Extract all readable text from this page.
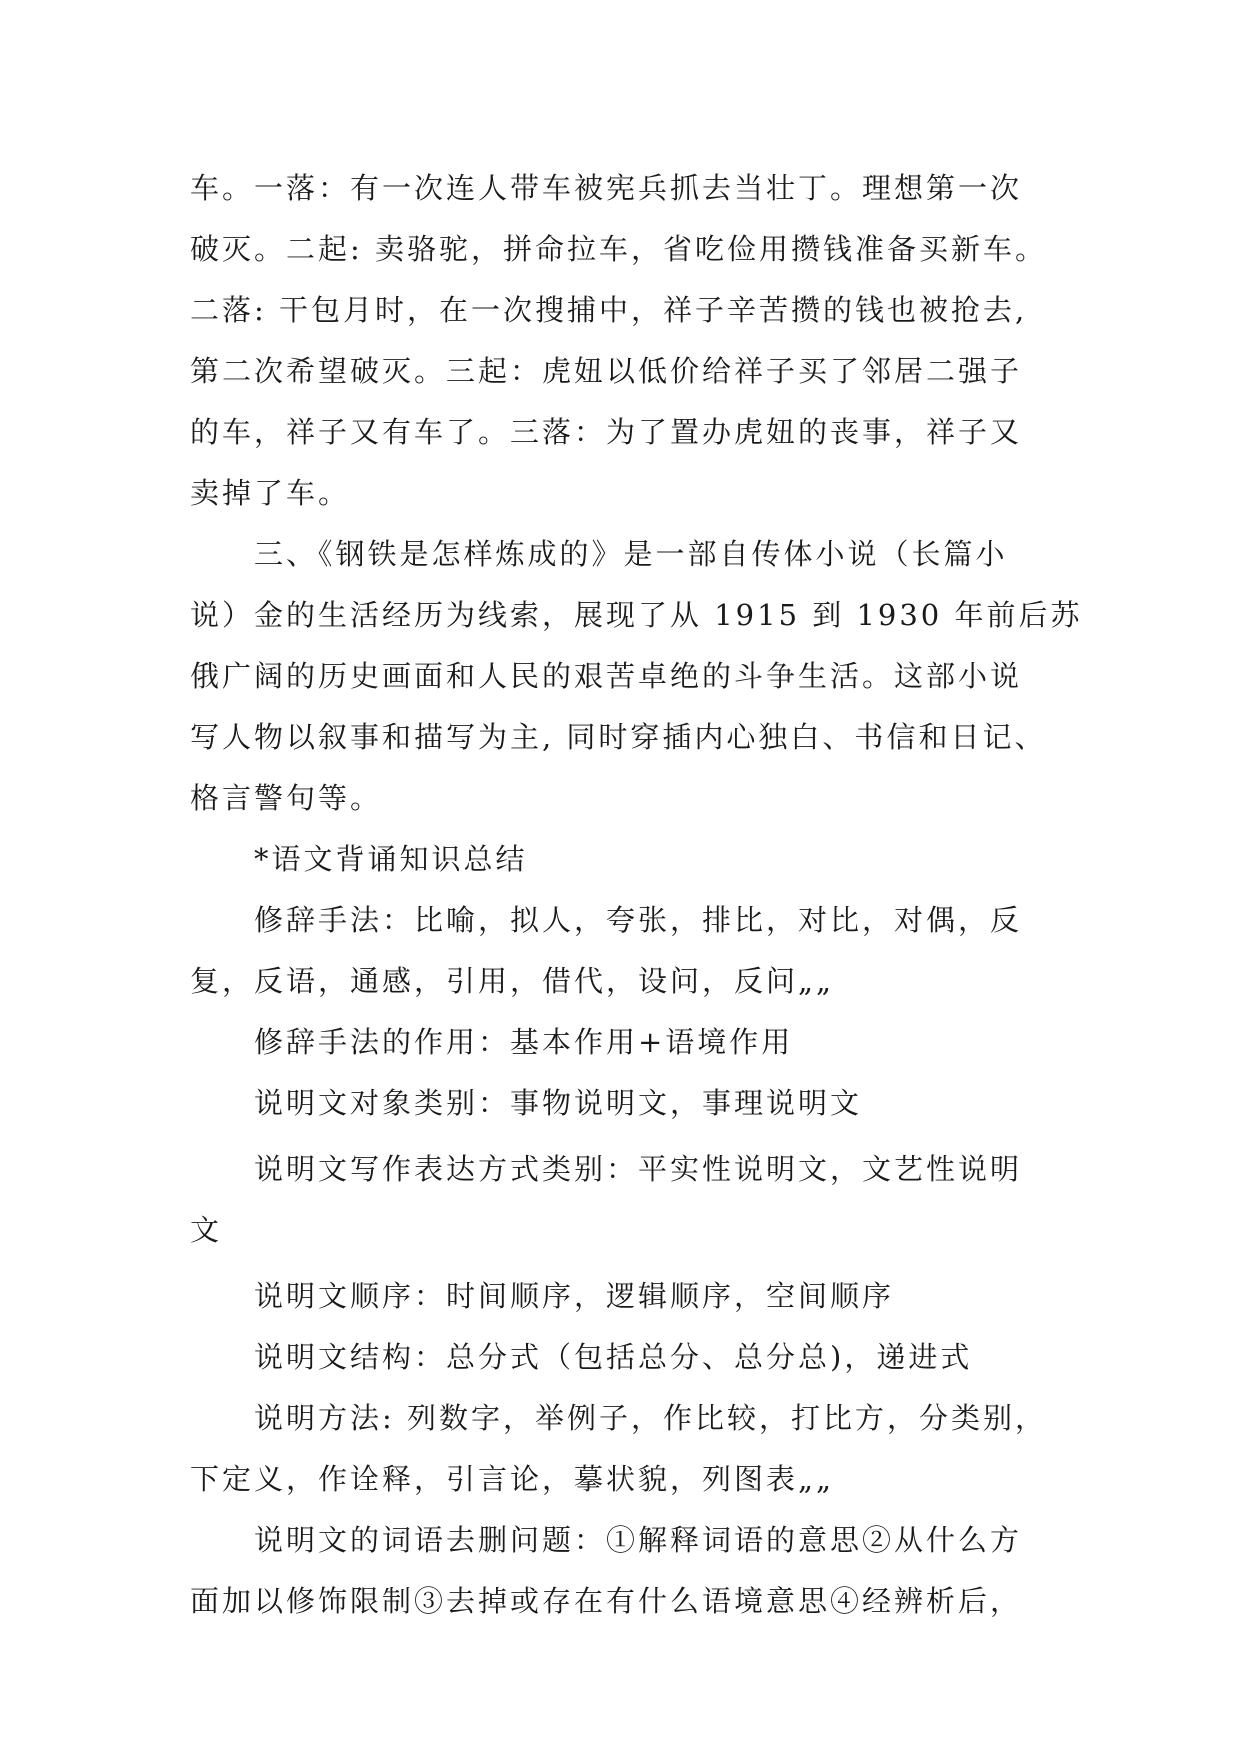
车。一落：有一次连人带车被宪兵抓去当壮丁。理想第一次
破灭。二起: 卖骆驼，拼命拉车，省吃俭用攒钱准备买新车。
二落: 干包月时，在一次搜捕中，祥子辛苦攒的钱也被抢去,
第二次希望破灭。三起：虎妞以低价给祥子买了邻居二强子
的车，祥子又有车了。三落：为了置办虎妞的丧事，祥子又
卖掉了车。

三、《钢铁是怎样炼成的》是一部自传体小说（长篇小
说）金的生活经历为线索，展现了从 1915 到 1930 年前后苏
俄广阔的历史画面和人民的艰苦卓绝的斗争生活。这部小说
写人物以叙事和描写为主, 同时穿插内心独白、书信和日记、
格言警句等。

*语文背诵知识总结

修辞手法：比喻，拟人，夸张，排比，对比，对偶，反
复，反语，通感，引用，借代，设问，反问„„

修辞手法的作用：基本作用+语境作用

说明文对象类别：事物说明文，事理说明文

说明文写作表达方式类别：平实性说明文，文艺性说明
文

说明文顺序：时间顺序，逻辑顺序，空间顺序

说明文结构：总分式（包括总分、总分总)，递进式

说明方法: 列数字，举例子，作比较，打比方，分类别，
下定义，作诠释，引言论，摹状貌，列图表„„

说明文的词语去删问题：①解释词语的意思②从什么方
面加以修饰限制③去掉或存在有什么语境意思④经辨析后，
